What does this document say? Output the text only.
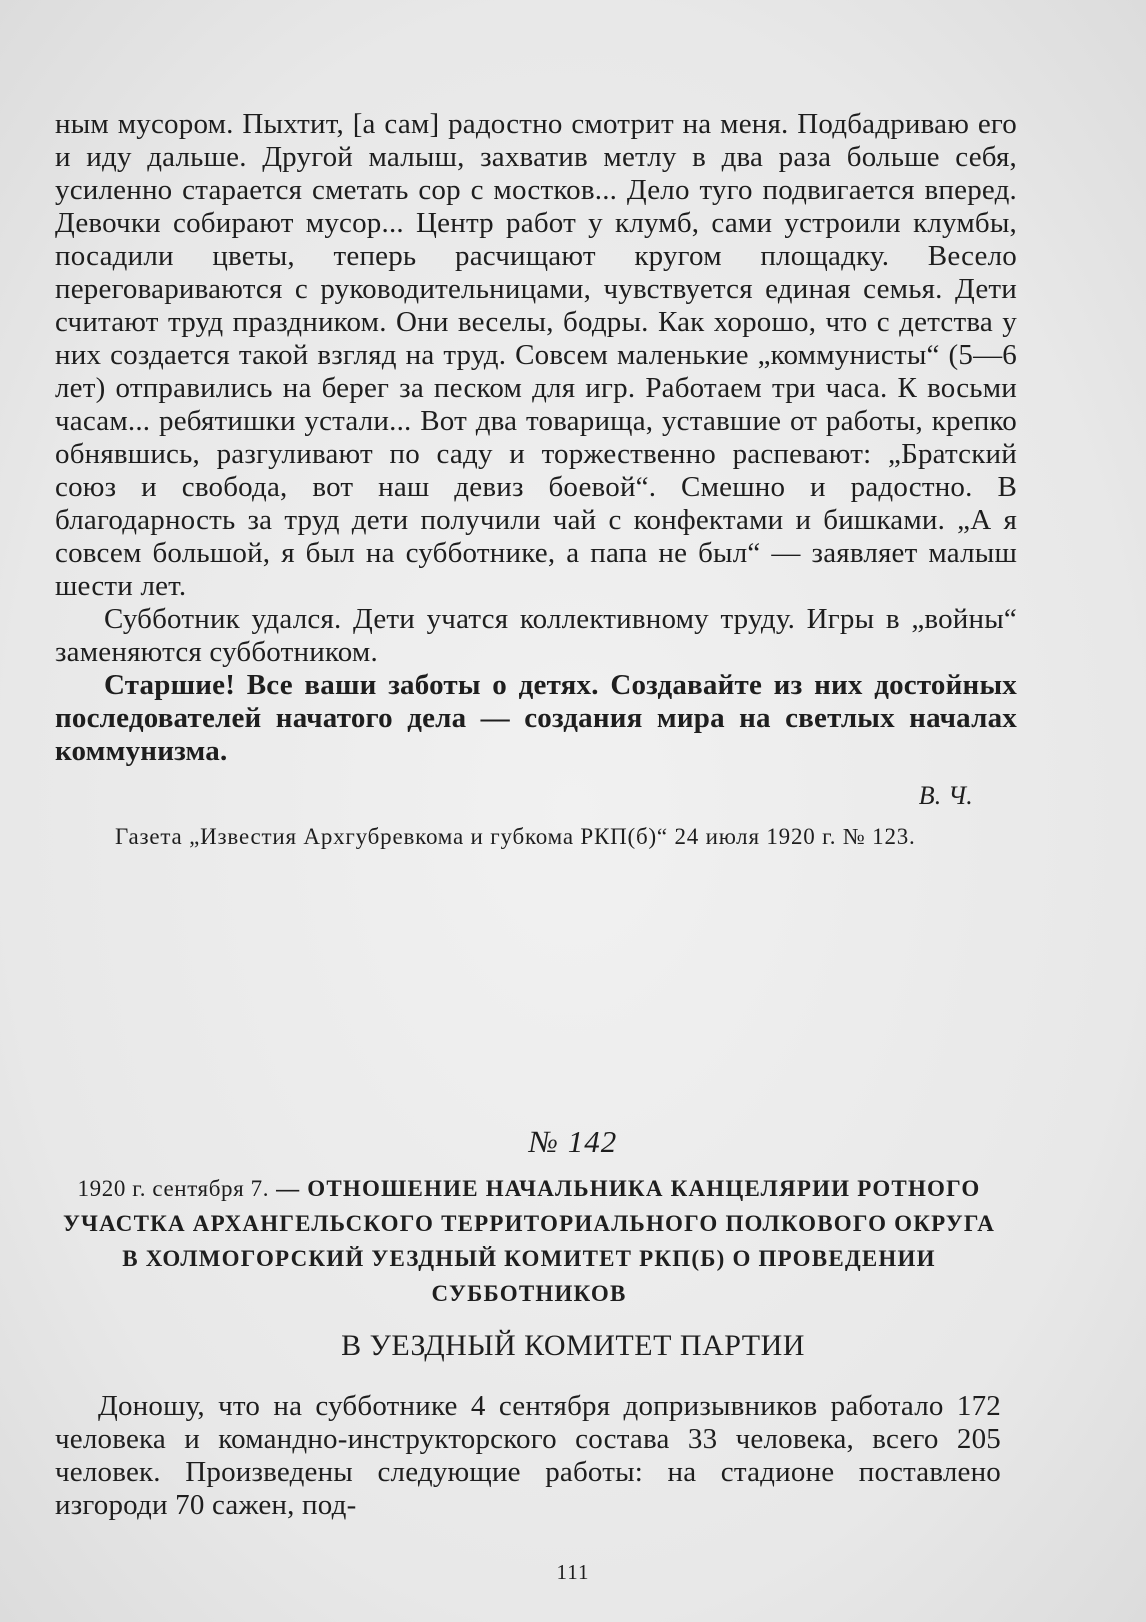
ным мусором. Пыхтит, [а сам] радостно смотрит на меня. Подбадриваю его и иду дальше. Другой малыш, захватив метлу в два раза больше себя, усиленно старается сметать сор с мостков... Дело туго подвигается вперед. Девочки собирают мусор... Центр работ у клумб, сами устроили клумбы, посадили цветы, теперь расчищают кругом площадку. Весело переговариваются с руководительницами, чувствуется единая семья. Дети считают труд праздником. Они веселы, бодры. Как хорошо, что с детства у них создается такой взгляд на труд. Совсем маленькие „коммунисты“ (5—6 лет) отправились на берег за песком для игр. Работаем три часа. К восьми часам... ребятишки устали... Вот два товарища, уставшие от работы, крепко обнявшись, разгуливают по саду и торжественно распевают: „Братский союз и свобода, вот наш девиз боевой“. Смешно и радостно. В благодарность за труд дети получили чай с конфектами и бишками. „А я совсем большой, я был на субботнике, а папа не был“ — заявляет малыш шести лет.

Субботник удался. Дети учатся коллективному труду. Игры в „войны“ заменяются субботником.

Старшие! Все ваши заботы о детях. Создавайте из них достойных последователей начатого дела — создания мира на светлых началах коммунизма.

В. Ч.
Газета „Известия Архгубревкома и губкома РКП(б)“ 24 июля 1920 г. № 123.
№ 142
1920 г. сентября 7. — ОТНОШЕНИЕ НАЧАЛЬНИКА КАНЦЕЛЯРИИ РОТНОГО УЧАСТКА АРХАНГЕЛЬСКОГО ТЕРРИТОРИАЛЬНОГО ПОЛКОВОГО ОКРУГА В ХОЛМОГОРСКИЙ УЕЗДНЫЙ КОМИТЕТ РКП(Б) О ПРОВЕДЕНИИ СУББОТНИКОВ
В УЕЗДНЫЙ КОМИТЕТ ПАРТИИ

Доношу, что на субботнике 4 сентября допризывников работало 172 человека и командно-инструкторского состава 33 человека, всего 205 человек. Произведены следующие работы: на стадионе поставлено изгороди 70 сажен, под-

111
